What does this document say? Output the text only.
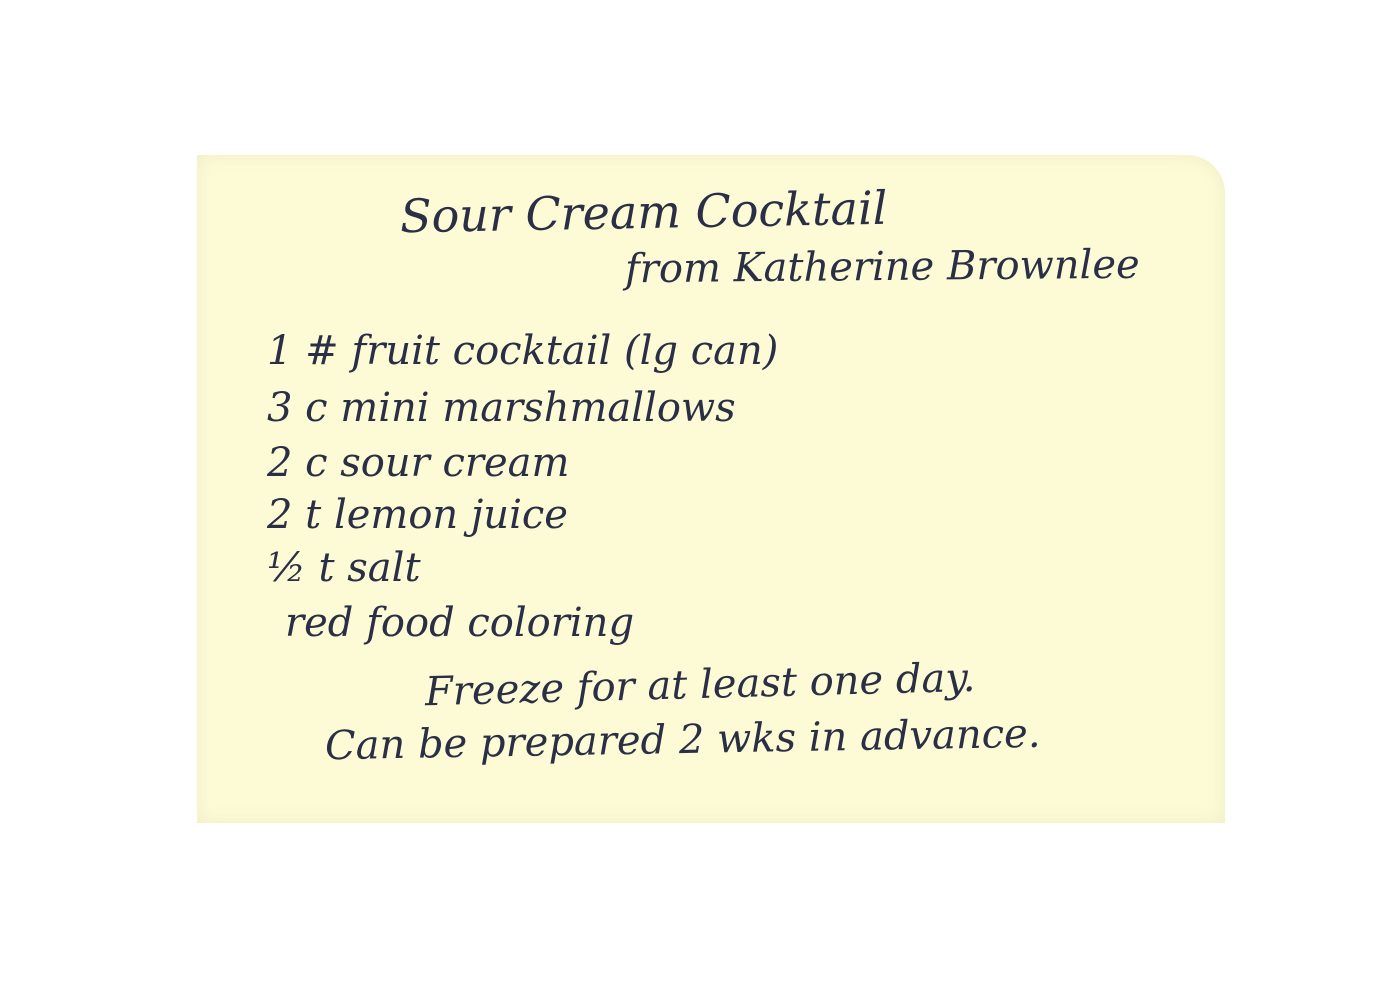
Sour Cream Cocktail

from Katherine Brownlee

1 # fruit cocktail (lg can)

3 c mini marshmallows

2 c sour cream

2 t lemon juice

½ t salt

red food coloring

Freeze for at least one day.

Can be prepared 2 wks in advance.
